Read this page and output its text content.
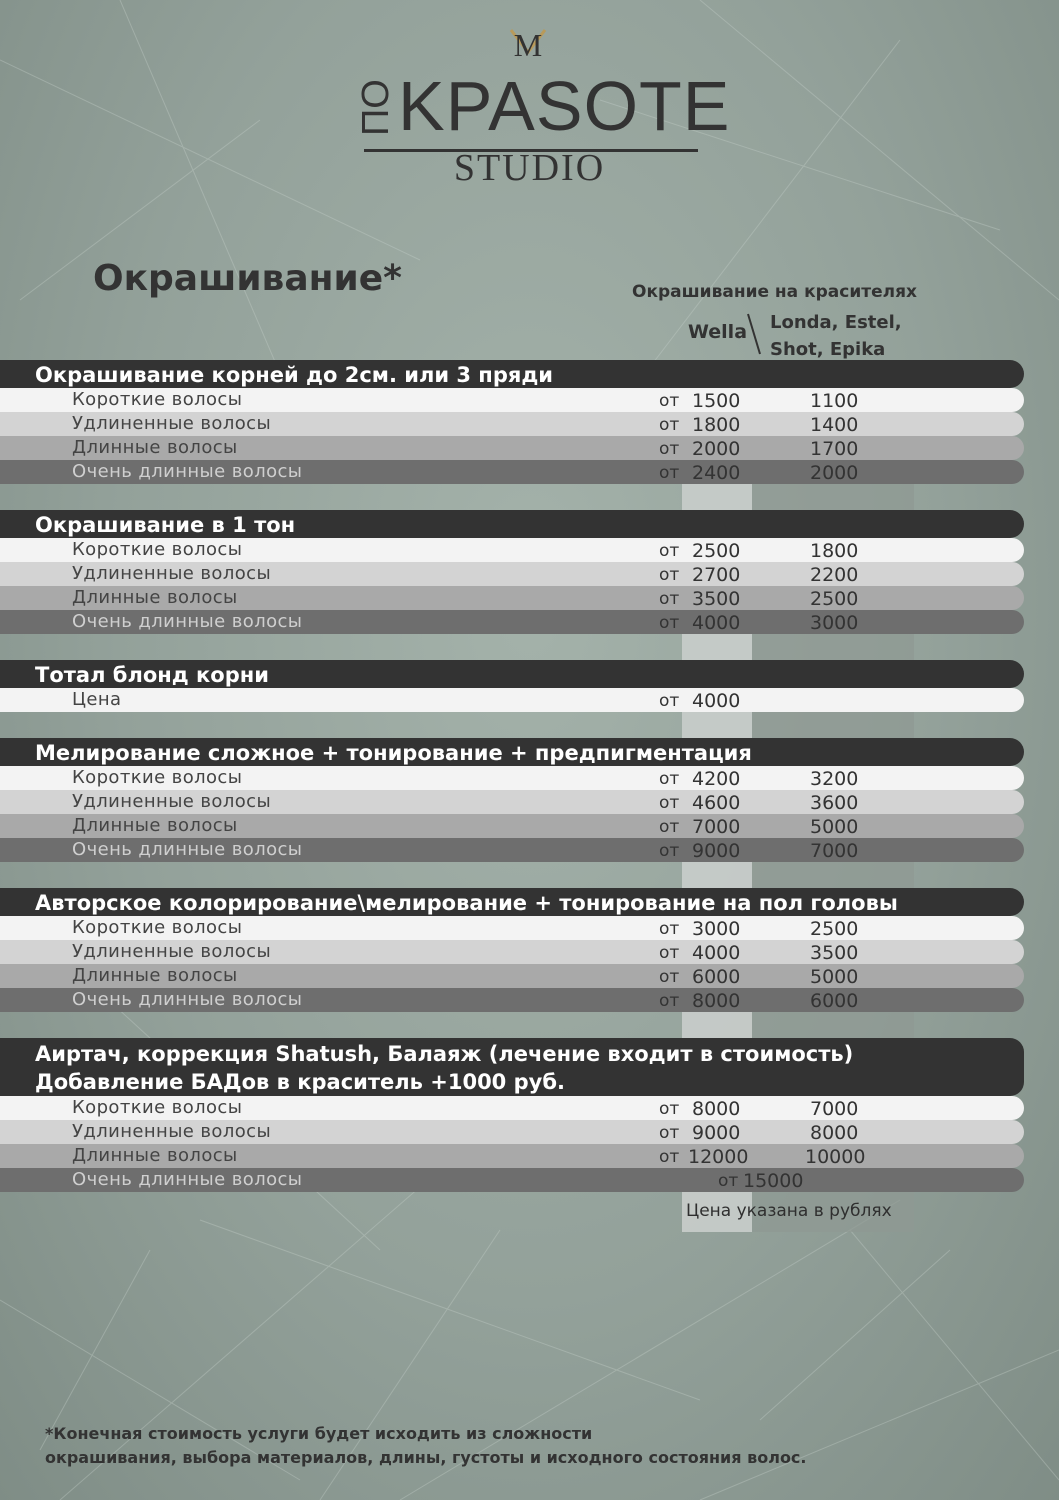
M
ПО KPASOTE
STUDIO
Окрашивание*	Окрашивание на красителях
Wella Londa, Estel,
Shot, Epika
Окрашивание корней до 2см. или 3 пряди
Короткие волосы	от 1500	1100
Удлиненные волосы	от 1800	1400
Длинные волосы	от 2000	1700
Очень длинные волосы	от 2400	2000
Окрашивание в 1 тон
Короткие волосы	от 2500	1800
Удлиненные волосы	от 2700	2200
Длинные волосы	от 3500	2500
Очень длинные волосы	от 4000	3000
Тотал блонд корни
Цена	от 4000
Мелирование сложное + тонирование + предпигментация
Короткие волосы	от 4200	3200
Удлиненные волосы	от 4600	3600
Длинные волосы	от 7000	5000
Очень длинные волосы	от 9000	7000
Авторское колорирование\мелирование + тонирование на пол головы
Короткие волосы	от 3000	2500
Удлиненные волосы	от 4000	3500
Длинные волосы	от 6000	5000
Очень длинные волосы	от 8000	6000
Аиртач, коррекция Shatush, Балаяж (лечение входит в стоимость)
Добавление БАДов в краситель +1000 руб.
Короткие волосы	от 8000	7000
Удлиненные волосы	от 9000	8000
Длинные волосы	от 12000	10000
Очень длинные волосы	от 15000
Цена указана в рублях
*Конечная стоимость услуги будет исходить из сложности
окрашивания, выбора материалов, длины, густоты и исходного состояния волос.
